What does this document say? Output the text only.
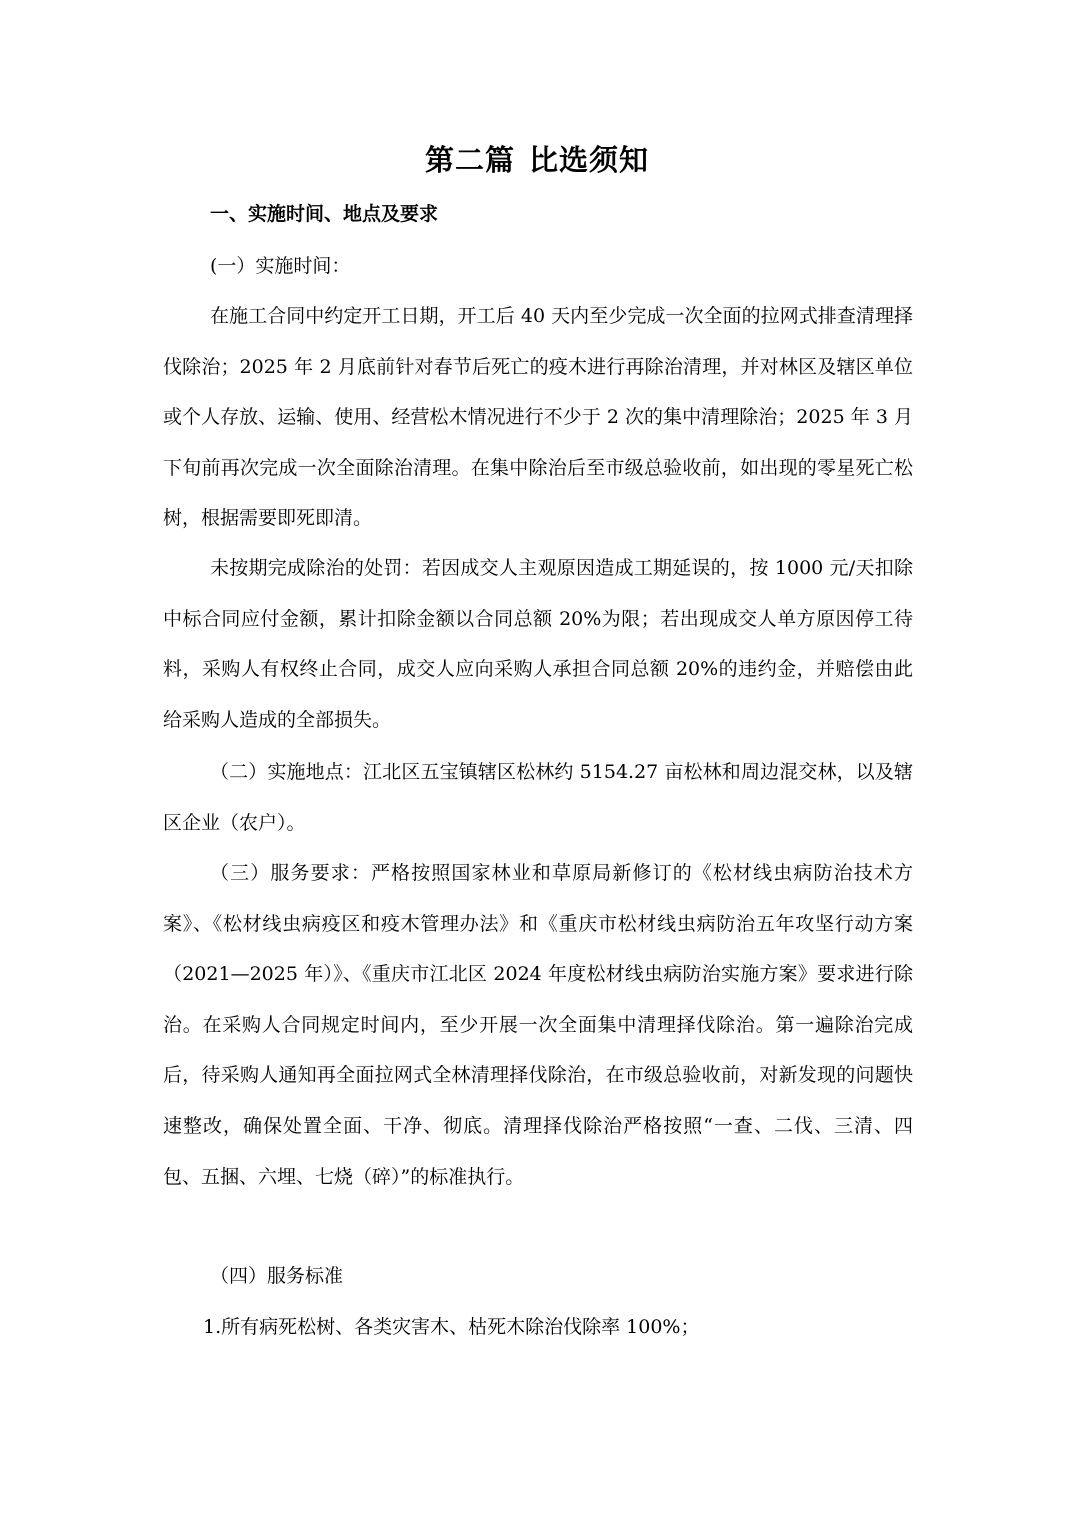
第二篇 比选须知
一、实施时间、地点及要求

(一）实施时间：

在施工合同中约定开工日期，开工后 40 天内至少完成一次全面的拉网式排查清理择伐除治；2025 年 2 月底前针对春节后死亡的疫木进行再除治清理，并对林区及辖区单位或个人存放、运输、使用、经营松木情况进行不少于 2 次的集中清理除治；2025 年 3 月下旬前再次完成一次全面除治清理。在集中除治后至市级总验收前，如出现的零星死亡松树，根据需要即死即清。

未按期完成除治的处罚：若因成交人主观原因造成工期延误的，按 1000 元/天扣除中标合同应付金额，累计扣除金额以合同总额 20%为限；若出现成交人单方原因停工待料，采购人有权终止合同，成交人应向采购人承担合同总额 20%的违约金，并赔偿由此给采购人造成的全部损失。

（二）实施地点：江北区五宝镇辖区松林约 5154.27 亩松林和周边混交林，以及辖区企业（农户）。

（三）服务要求：严格按照国家林业和草原局新修订的《松材线虫病防治技术方案》、《松材线虫病疫区和疫木管理办法》和《重庆市松材线虫病防治五年攻坚行动方案（2021—2025 年）》、《重庆市江北区 2024 年度松材线虫病防治实施方案》要求进行除治。在采购人合同规定时间内，至少开展一次全面集中清理择伐除治。第一遍除治完成后，待采购人通知再全面拉网式全林清理择伐除治，在市级总验收前，对新发现的问题快速整改，确保处置全面、干净、彻底。清理择伐除治严格按照“一查、二伐、三清、四包、五捆、六埋、七烧（碎）”的标准执行。

（四）服务标准

1.所有病死松树、各类灾害木、枯死木除治伐除率 100%；
